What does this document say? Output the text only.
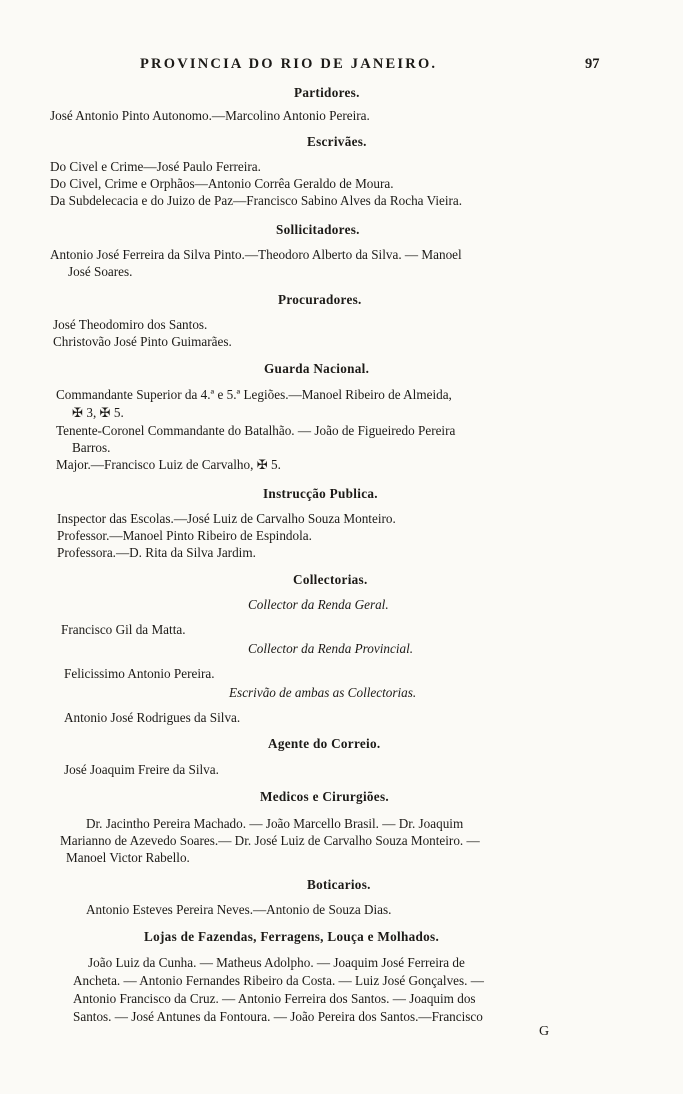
PROVINCIA DO RIO DE JANEIRO.	97
Partidores.
José Antonio Pinto Autonomo.—Marcolino Antonio Pereira.
Escrivães.
Do Civel e Crime—José Paulo Ferreira.
Do Civel, Crime e Orphãos—Antonio Corrêa Geraldo de Moura.
Da Subdelecacia e do Juizo de Paz—Francisco Sabino Alves da Rocha Vieira.
Sollicitadores.
Antonio José Ferreira da Silva Pinto.—Theodoro Alberto da Silva. — Manoel
José Soares.
Procuradores.
José Theodomiro dos Santos.
Christovão José Pinto Guimarães.
Guarda Nacional.
Commandante Superior da 4.ª e 5.ª Legiões.—Manoel Ribeiro de Almeida,
✠ 3, ✠ 5.
Tenente-Coronel Commandante do Batalhão. — João de Figueiredo Pereira
Barros.
Major.—Francisco Luiz de Carvalho, ✠ 5.
Instrucção Publica.
Inspector das Escolas.—José Luiz de Carvalho Souza Monteiro.
Professor.—Manoel Pinto Ribeiro de Espindola.
Professora.—D. Rita da Silva Jardim.
Collectorias.
Collector da Renda Geral.
Francisco Gil da Matta.
Collector da Renda Provincial.
Felicissimo Antonio Pereira.
Escrivão de ambas as Collectorias.
Antonio José Rodrigues da Silva.
Agente do Correio.
José Joaquim Freire da Silva.
Medicos e Cirurgiões.
Dr. Jacintho Pereira Machado. — João Marcello Brasil. — Dr. Joaquim
Marianno de Azevedo Soares.— Dr. José Luiz de Carvalho Souza Monteiro. —
Manoel Victor Rabello.
Boticarios.
Antonio Esteves Pereira Neves.—Antonio de Souza Dias.
Lojas de Fazendas, Ferragens, Louça e Molhados.
João Luiz da Cunha. — Matheus Adolpho. — Joaquim José Ferreira de
Ancheta. — Antonio Fernandes Ribeiro da Costa. — Luiz José Gonçalves. —
Antonio Francisco da Cruz. — Antonio Ferreira dos Santos. — Joaquim dos
Santos. — José Antunes da Fontoura. — João Pereira dos Santos.—Francisco
G
